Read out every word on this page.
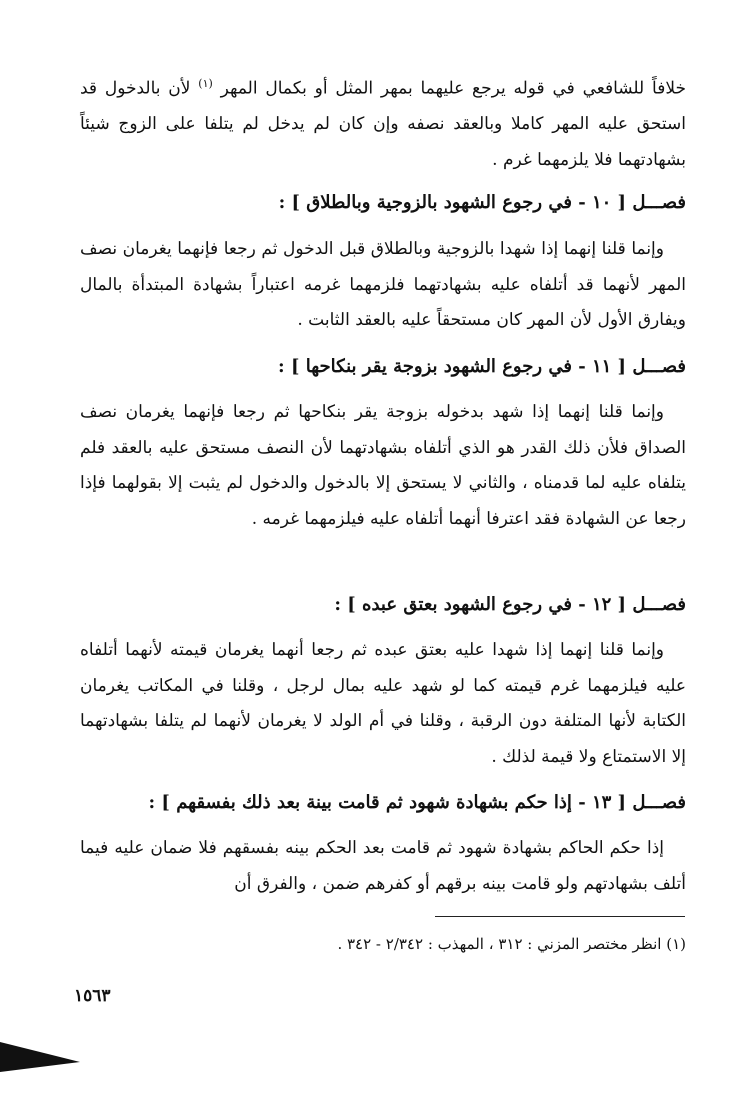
خلافاً للشافعي في قوله يرجع عليهما بمهر المثل أو بكمال المهر $^{(١)}$ لأن بالدخول قد استحق عليه المهر كاملا وبالعقد نصفه وإن كان لم يدخل لم يتلفا على الزوج شيئاً بشهادتهما فلا يلزمهما غرم .
فصـــل [ ١٠ - في رجوع الشهود بالزوجية وبالطلاق ] :
وإنما قلنا إنهما إذا شهدا بالزوجية وبالطلاق قبل الدخول ثم رجعا فإنهما يغرمان نصف المهر لأنهما قد أتلفاه عليه بشهادتهما فلزمهما غرمه اعتباراً بشهادة المبتدأة بالمال ويفارق الأول لأن المهر كان مستحقاً عليه بالعقد الثابت .
فصـــل [ ١١ - في رجوع الشهود بزوجة يقر بنكاحها ] :
وإنما قلنا إنهما إذا شهد بدخوله بزوجة يقر بنكاحها ثم رجعا فإنهما يغرمان نصف الصداق فلأن ذلك القدر هو الذي أتلفاه بشهادتهما لأن النصف مستحق عليه بالعقد فلم يتلفاه عليه لما قدمناه ، والثاني لا يستحق إلا بالدخول والدخول لم يثبت إلا بقولهما فإذا رجعا عن الشهادة فقد اعترفا أنهما أتلفاه عليه فيلزمهما غرمه .
فصـــل [ ١٢ - في رجوع الشهود بعتق عبده ] :
وإنما قلنا إنهما إذا شهدا عليه بعتق عبده ثم رجعا أنهما يغرمان قيمته لأنهما أتلفاه عليه فيلزمهما غرم قيمته كما لو شهد عليه بمال لرجل ، وقلنا في المكاتب يغرمان الكتابة لأنها المتلفة دون الرقبة ، وقلنا في أم الولد لا يغرمان لأنهما لم يتلفا بشهادتهما إلا الاستمتاع ولا قيمة لذلك .
فصـــل [ ١٣ - إذا حكم بشهادة شهود ثم قامت بينة بعد ذلك بفسقهم ] :
إذا حكم الحاكم بشهادة شهود ثم قامت بعد الحكم بينه بفسقهم فلا ضمان عليه فيما أتلف بشهادتهم ولو قامت بينه برقهم أو كفرهم ضمن ، والفرق أن
(١) انظر مختصر المزني : ٣١٢ ، المهذب : ٢/٣٤٢ - ٣٤٢ .
١٥٦٣
